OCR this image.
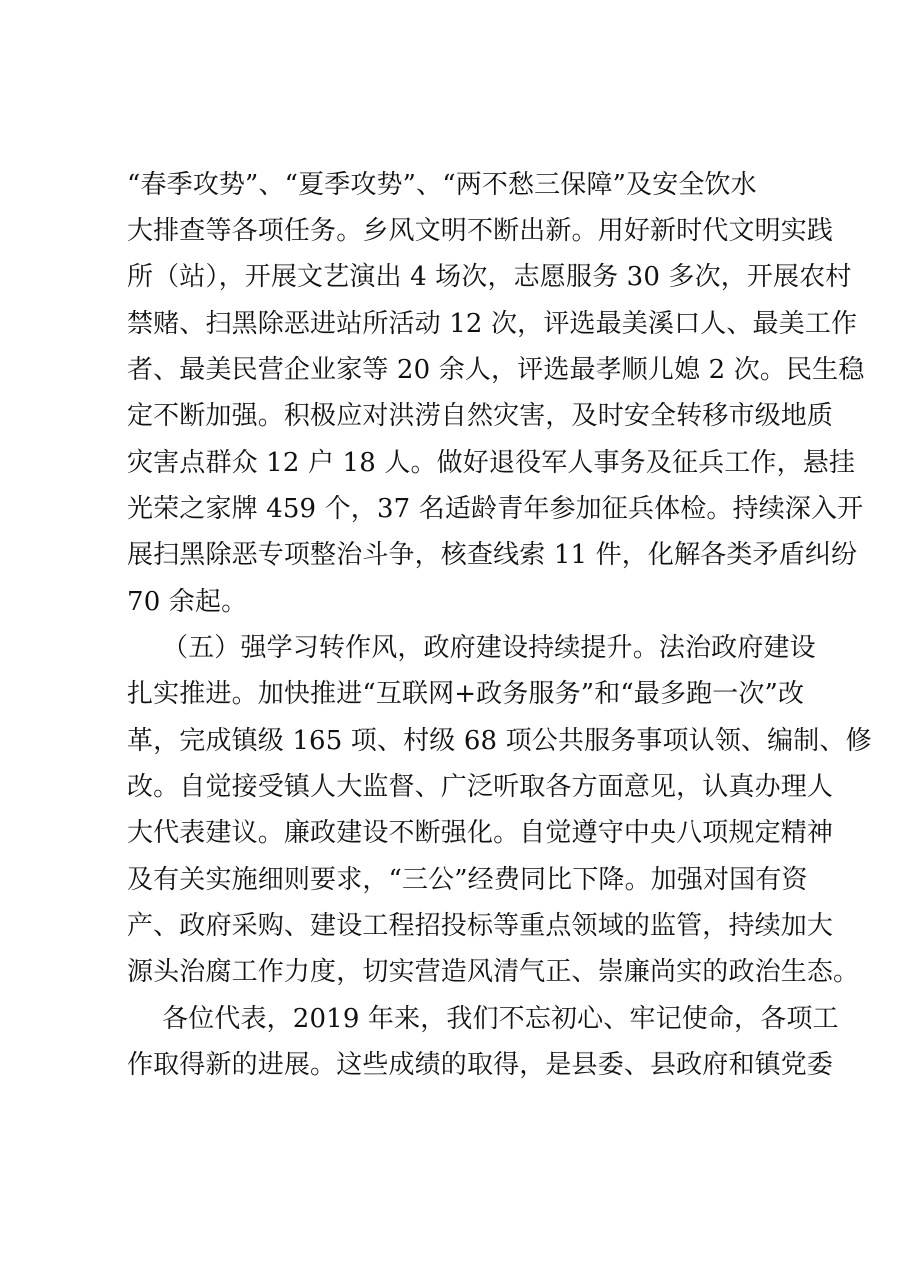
“春季攻势”、“夏季攻势”、“两不愁三保障”及安全饮水
大排查等各项任务。乡风文明不断出新。用好新时代文明实践
所（站），开展文艺演出 4 场次，志愿服务 30 多次，开展农村
禁赌、扫黑除恶进站所活动 12 次，评选最美溪口人、最美工作
者、最美民营企业家等 20 余人，评选最孝顺儿媳 2 次。民生稳
定不断加强。积极应对洪涝自然灾害，及时安全转移市级地质
灾害点群众 12 户 18 人。做好退役军人事务及征兵工作，悬挂
光荣之家牌 459 个，37 名适龄青年参加征兵体检。持续深入开
展扫黑除恶专项整治斗争，核查线索 11 件，化解各类矛盾纠纷
70 余起。
（五）强学习转作风，政府建设持续提升。法治政府建设
扎实推进。加快推进“互联网+政务服务”和“最多跑一次”改
革，完成镇级 165 项、村级 68 项公共服务事项认领、编制、修
改。自觉接受镇人大监督、广泛听取各方面意见，认真办理人
大代表建议。廉政建设不断强化。自觉遵守中央八项规定精神
及有关实施细则要求，“三公”经费同比下降。加强对国有资
产、政府采购、建设工程招投标等重点领域的监管，持续加大
源头治腐工作力度，切实营造风清气正、崇廉尚实的政治生态。
各位代表，2019 年来，我们不忘初心、牢记使命，各项工
作取得新的进展。这些成绩的取得，是县委、县政府和镇党委
